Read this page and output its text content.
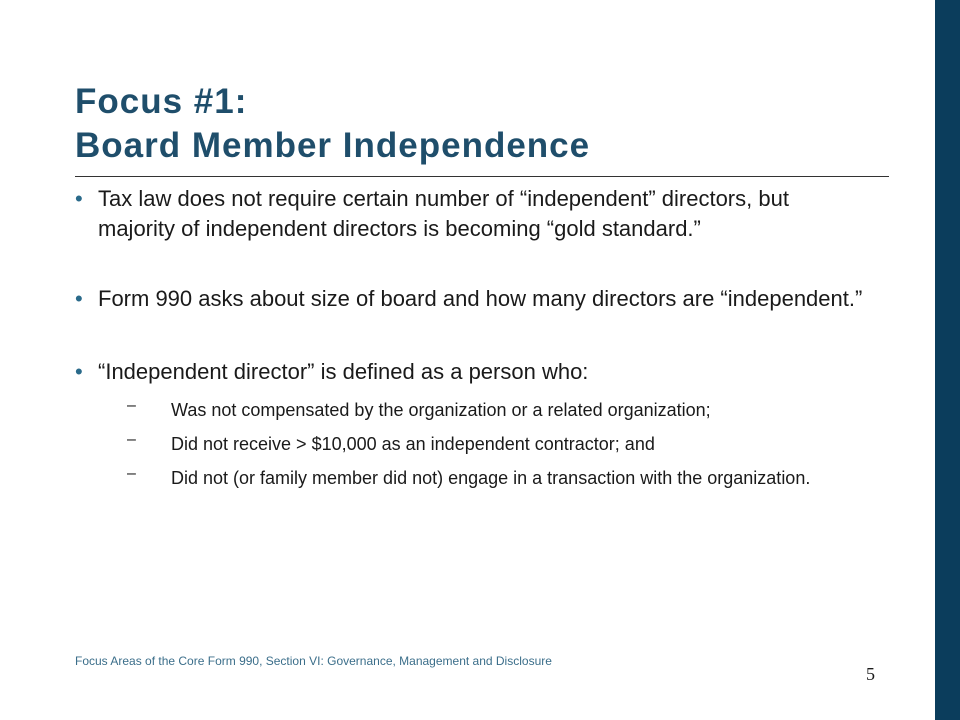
Focus #1:
Board Member Independence
• Tax law does not require certain number of “independent” directors, but majority of independent directors is becoming “gold standard.”
• Form 990 asks about size of board and how many directors are “independent.”
• “Independent director” is defined as a person who:
– Was not compensated by the organization or a related organization;
– Did not receive > $10,000 as an independent contractor; and
– Did not (or family member did not) engage in a transaction with the organization.
Focus Areas of the Core Form 990, Section VI: Governance, Management and Disclosure
5
